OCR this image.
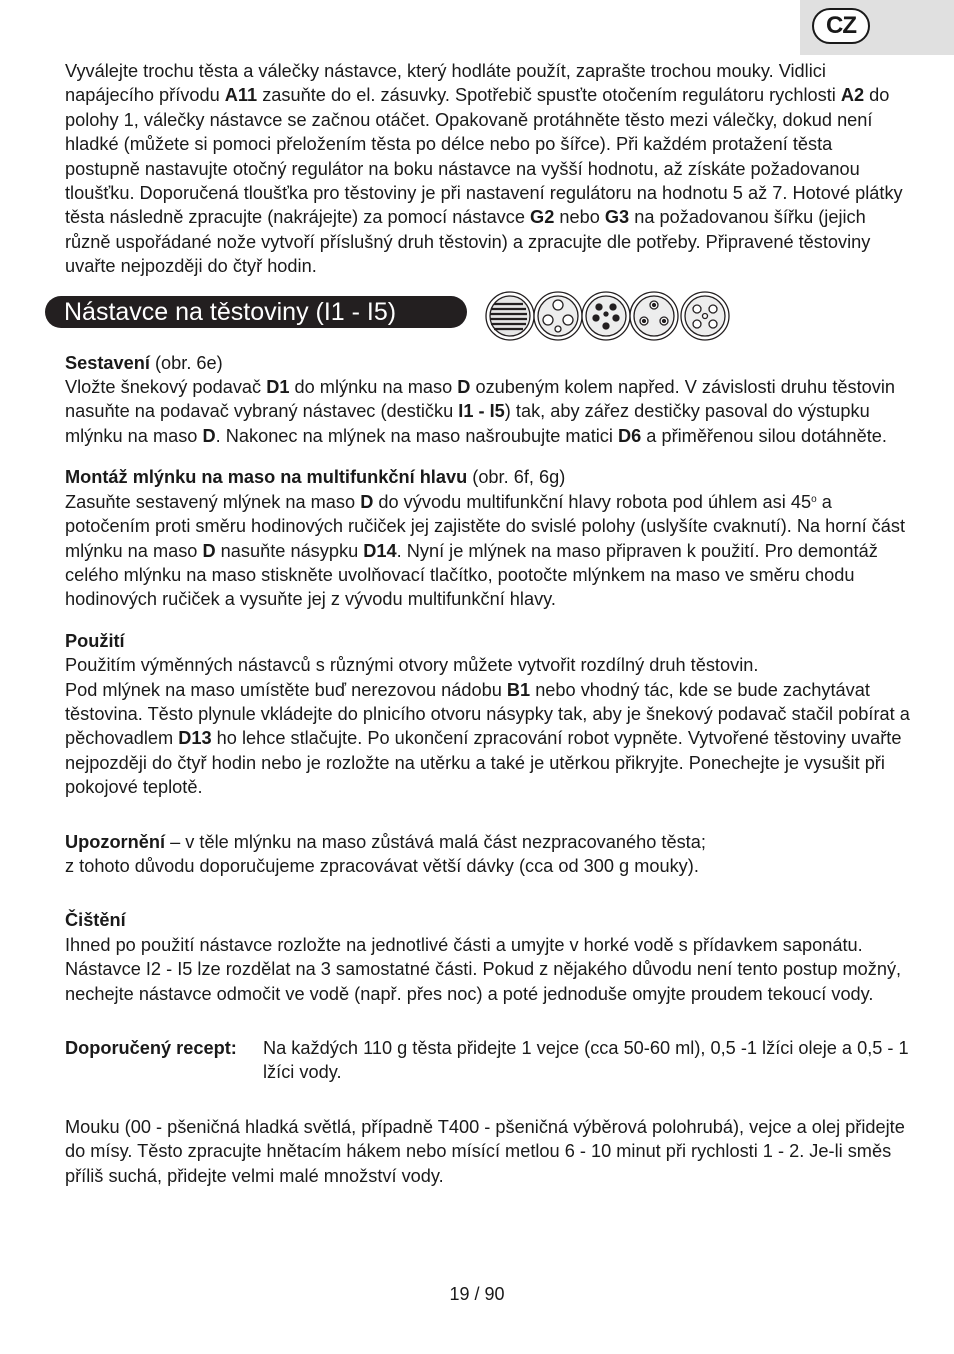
CZ

Vyválejte trochu těsta a válečky nástavce, který hodláte použít, zaprašte trochou mouky. Vidlici napájecího přívodu A11 zasuňte do el. zásuvky. Spotřebič spusťte otočením regulátoru rychlosti A2 do polohy 1, válečky nástavce se začnou otáčet. Opakovaně protáhněte těsto mezi válečky, dokud není hladké (můžete si pomoci přeložením těsta po délce nebo po šířce). Při každém protažení těsta postupně nastavujte otočný regulátor na boku nástavce na vyšší hodnotu, až získáte požadovanou tloušťku. Doporučená tloušťka pro těstoviny je při nastavení regulátoru na hodnotu 5 až 7. Hotové plátky těsta následně zpracujte (nakrájejte) za pomocí nástavce G2 nebo G3 na požadovanou šířku (jejich různě uspořádané nože vytvoří příslušný druh těstovin) a zpracujte dle potřeby. Připravené těstoviny uvařte nejpozději do čtyř hodin.

Nástavce na těstoviny (I1 - I5)

Sestavení (obr. 6e)
Vložte šnekový podavač D1 do mlýnku na maso D ozubeným kolem napřed. V závislosti druhu těstovin nasuňte na podavač vybraný nástavec (destičku I1 - I5) tak, aby zářez destičky pasoval do výstupku mlýnku na maso D. Nakonec na mlýnek na maso našroubujte matici D6 a přiměřenou silou dotáhněte.

Montáž mlýnku na maso na multifunkční hlavu (obr. 6f, 6g)
Zasuňte sestavený mlýnek na maso D do vývodu multifunkční hlavy robota pod úhlem asi 45$^o$ a potočením proti směru hodinových ručiček jej zajistěte do svislé polohy (uslyšíte cvaknutí). Na horní část mlýnku na maso D nasuňte násypku D14. Nyní je mlýnek na maso připraven k použití. Pro demontáž celého mlýnku na maso stiskněte uvolňovací tlačítko, pootočte mlýnkem na maso ve směru chodu hodinových ručiček a vysuňte jej z vývodu multifunkční hlavy.

Použití
Použitím výměnných nástavců s různými otvory můžete vytvořit rozdílný druh těstovin.
Pod mlýnek na maso umístěte buď nerezovou nádobu B1 nebo vhodný tác, kde se bude zachytávat těstovina. Těsto plynule vkládejte do plnicího otvoru násypky tak, aby je šnekový podavač stačil pobírat a pěchovadlem D13 ho lehce stlačujte. Po ukončení zpracování robot vypněte. Vytvořené těstoviny uvařte nejpozději do čtyř hodin nebo je rozložte na utěrku a také je utěrkou přikryjte. Ponechejte je vysušit při pokojové teplotě.

Upozornění – v těle mlýnku na maso zůstává malá část nezpracovaného těsta;
z tohoto důvodu doporučujeme zpracovávat větší dávky (cca od 300 g mouky).

Čištění
Ihned po použití nástavce rozložte na jednotlivé části a umyjte v horké vodě s přídavkem saponátu. Nástavce I2 - I5 lze rozdělat na 3 samostatné části. Pokud z nějakého důvodu není tento postup možný, nechejte nástavce odmočit ve vodě (např. přes noc) a poté jednoduše omyjte proudem tekoucí vody.

Doporučený recept:	Na každých 110 g těsta přidejte 1 vejce (cca 50-60 ml), 0,5 -1 lžíci oleje a 0,5 - 1 lžíci vody.

Mouku (00 - pšeničná hladká světlá, případně T400 - pšeničná výběrová polohrubá), vejce a olej přidejte do mísy. Těsto zpracujte hnětacím hákem nebo mísící metlou 6 - 10 minut při rychlosti 1 - 2. Je-li směs příliš suchá, přidejte velmi malé množství vody.

19 / 90
